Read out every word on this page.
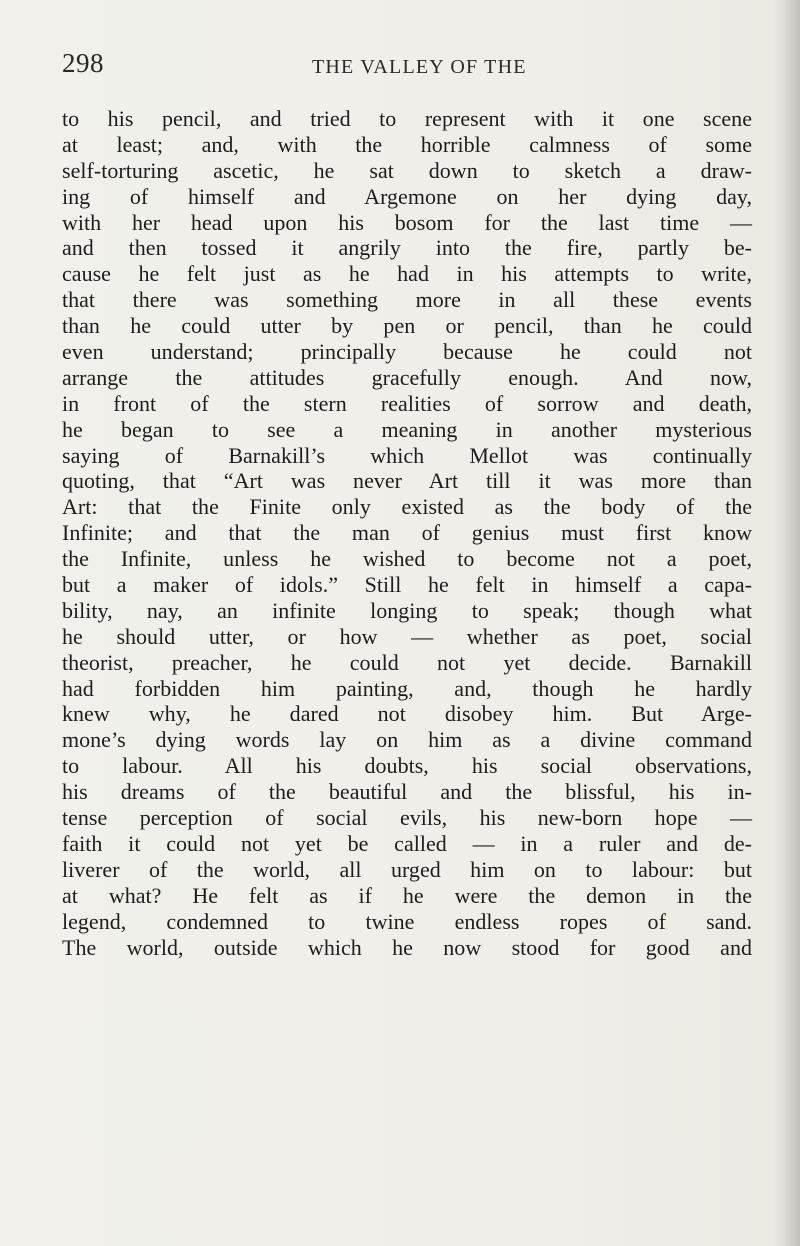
298	THE VALLEY OF THE
to his pencil, and tried to represent with it one scene
at least; and, with the horrible calmness of some
self-torturing ascetic, he sat down to sketch a draw-
ing of himself and Argemone on her dying day,
with her head upon his bosom for the last time —
and then tossed it angrily into the fire, partly be-
cause he felt just as he had in his attempts to write,
that there was something more in all these events
than he could utter by pen or pencil, than he could
even understand; principally because he could not
arrange the attitudes gracefully enough. And now,
in front of the stern realities of sorrow and death,
he began to see a meaning in another mysterious
saying of Barnakill’s which Mellot was continually
quoting, that “Art was never Art till it was more than
Art: that the Finite only existed as the body of the
Infinite; and that the man of genius must first know
the Infinite, unless he wished to become not a poet,
but a maker of idols.” Still he felt in himself a capa-
bility, nay, an infinite longing to speak; though what
he should utter, or how — whether as poet, social
theorist, preacher, he could not yet decide. Barnakill
had forbidden him painting, and, though he hardly
knew why, he dared not disobey him. But Arge-
mone’s dying words lay on him as a divine command
to labour. All his doubts, his social observations,
his dreams of the beautiful and the blissful, his in-
tense perception of social evils, his new-born hope —
faith it could not yet be called — in a ruler and de-
liverer of the world, all urged him on to labour: but
at what? He felt as if he were the demon in the
legend, condemned to twine endless ropes of sand.
The world, outside which he now stood for good and
